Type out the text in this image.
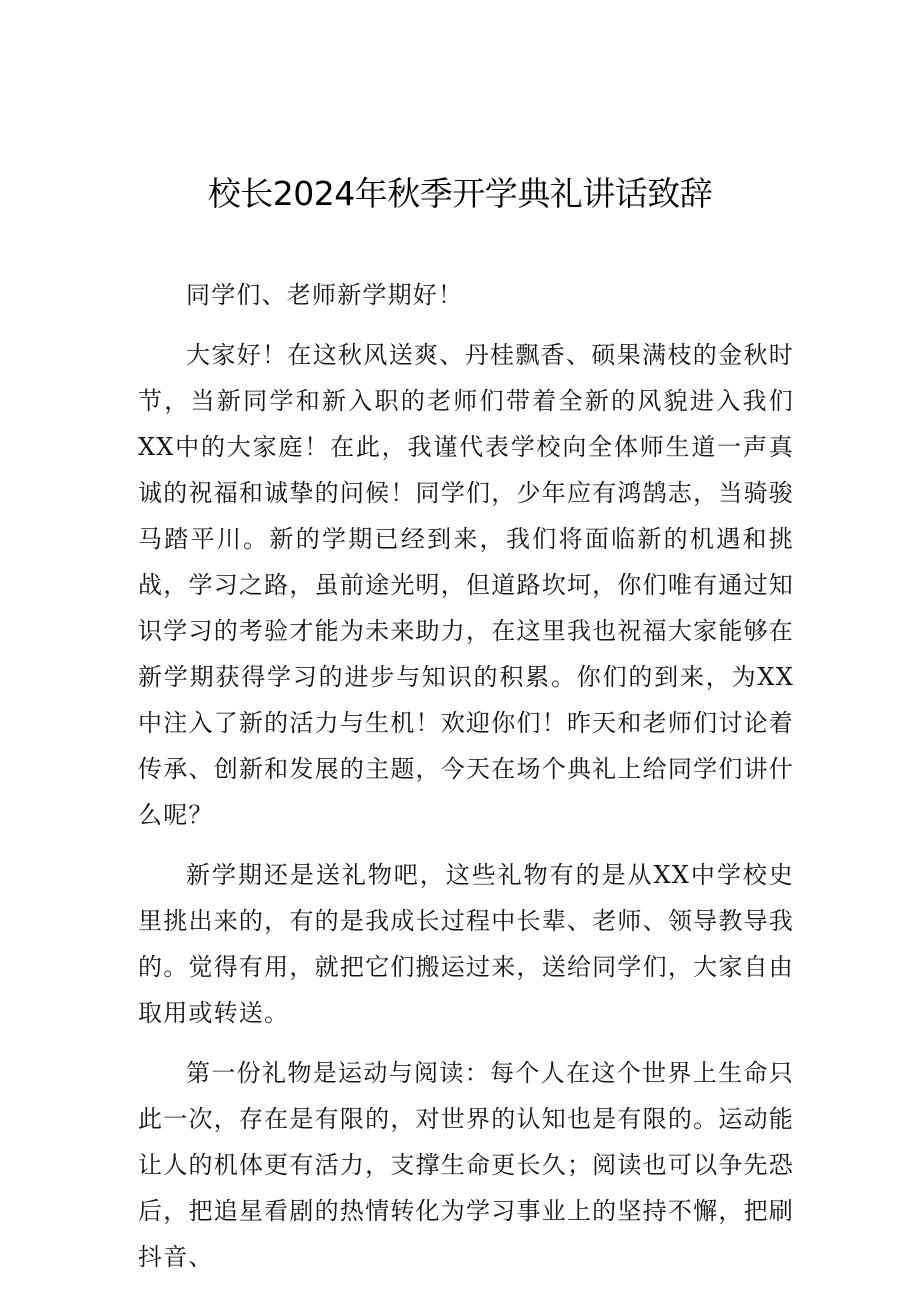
校长2024年秋季开学典礼讲话致辞

同学们、老师新学期好！

大家好！在这秋风送爽、丹桂飘香、硕果满枝的金秋时节，当新同学和新入职的老师们带着全新的风貌进入我们XX中的大家庭！在此，我谨代表学校向全体师生道一声真诚的祝福和诚挚的问候！同学们，少年应有鸿鹄志，当骑骏马踏平川。新的学期已经到来，我们将面临新的机遇和挑战，学习之路，虽前途光明，但道路坎坷，你们唯有通过知识学习的考验才能为未来助力，在这里我也祝福大家能够在新学期获得学习的进步与知识的积累。你们的到来，为XX中注入了新的活力与生机！欢迎你们！昨天和老师们讨论着传承、创新和发展的主题，今天在场个典礼上给同学们讲什么呢？

新学期还是送礼物吧，这些礼物有的是从XX中学校史里挑出来的，有的是我成长过程中长辈、老师、领导教导我的。觉得有用，就把它们搬运过来，送给同学们，大家自由取用或转送。

第一份礼物是运动与阅读：每个人在这个世界上生命只此一次，存在是有限的，对世界的认知也是有限的。运动能让人的机体更有活力，支撑生命更长久；阅读也可以争先恐后，把追星看剧的热情转化为学习事业上的坚持不懈，把刷抖音、
